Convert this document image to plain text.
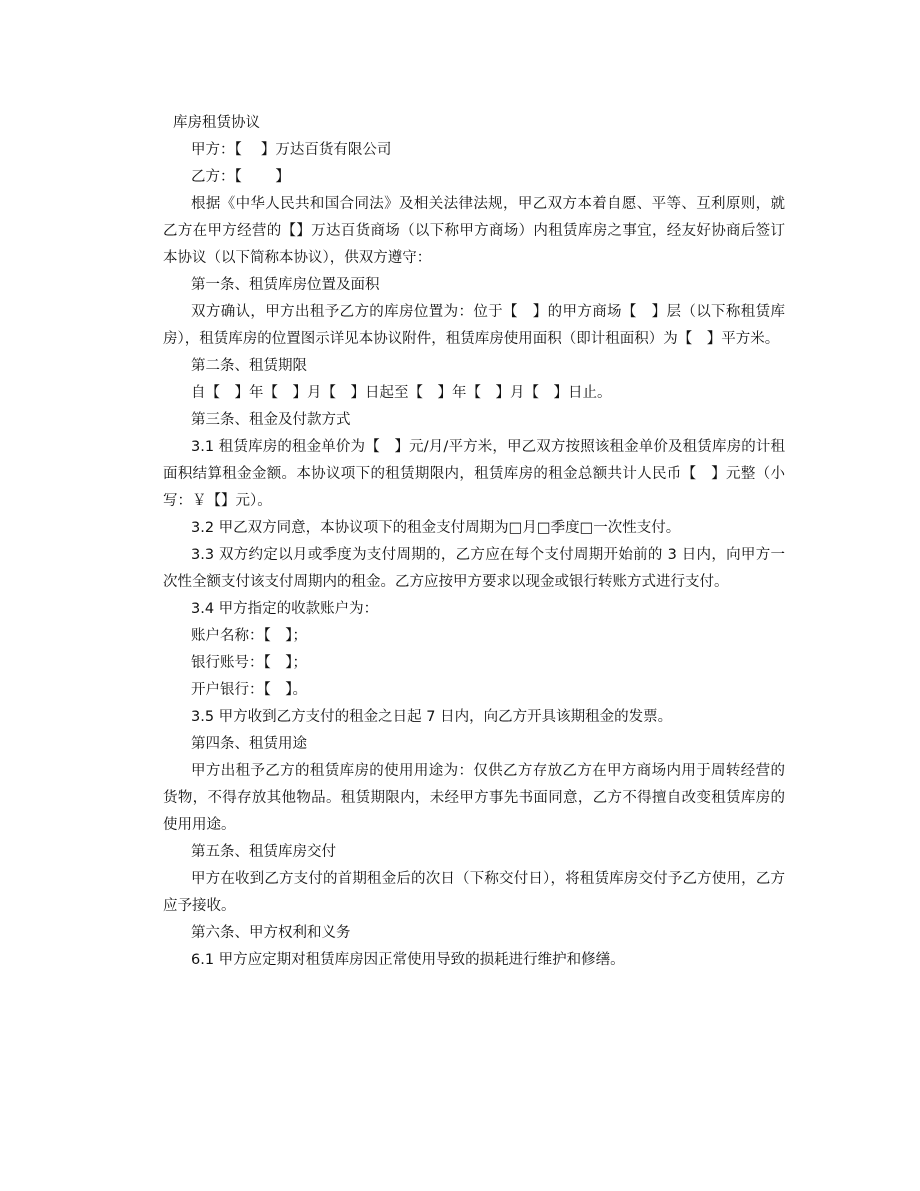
库房租赁协议

甲方：【　 】万达百货有限公司

乙方：【　　 】

根据《中华人民共和国合同法》及相关法律法规，甲乙双方本着自愿、平等、互利原则，就乙方在甲方经营的【】万达百货商场（以下称甲方商场）内租赁库房之事宜，经友好协商后签订本协议（以下简称本协议），供双方遵守：

第一条、租赁库房位置及面积

双方确认，甲方出租予乙方的库房位置为：位于【　】的甲方商场【　】层（以下称租赁库房），租赁库房的位置图示详见本协议附件，租赁库房使用面积（即计租面积）为【　】平方米。

第二条、租赁期限

自【　】年【　】月【　】日起至【　】年【　】月【　】日止。

第三条、租金及付款方式

3.1 租赁库房的租金单价为【　】元/月/平方米，甲乙双方按照该租金单价及租赁库房的计租面积结算租金金额。本协议项下的租赁期限内，租赁库房的租金总额共计人民币【　】元整（小写：￥【】元）。

3.2 甲乙双方同意，本协议项下的租金支付周期为□月□季度□一次性支付。

3.3 双方约定以月或季度为支付周期的，乙方应在每个支付周期开始前的 3 日内，向甲方一次性全额支付该支付周期内的租金。乙方应按甲方要求以现金或银行转账方式进行支付。

3.4 甲方指定的收款账户为：

账户名称：【　】；

银行账号：【　】；

开户银行：【　】。

3.5 甲方收到乙方支付的租金之日起 7 日内，向乙方开具该期租金的发票。

第四条、租赁用途

甲方出租予乙方的租赁库房的使用用途为：仅供乙方存放乙方在甲方商场内用于周转经营的货物，不得存放其他物品。租赁期限内，未经甲方事先书面同意，乙方不得擅自改变租赁库房的使用用途。

第五条、租赁库房交付

甲方在收到乙方支付的首期租金后的次日（下称交付日），将租赁库房交付予乙方使用，乙方应予接收。

第六条、甲方权利和义务

6.1 甲方应定期对租赁库房因正常使用导致的损耗进行维护和修缮。
